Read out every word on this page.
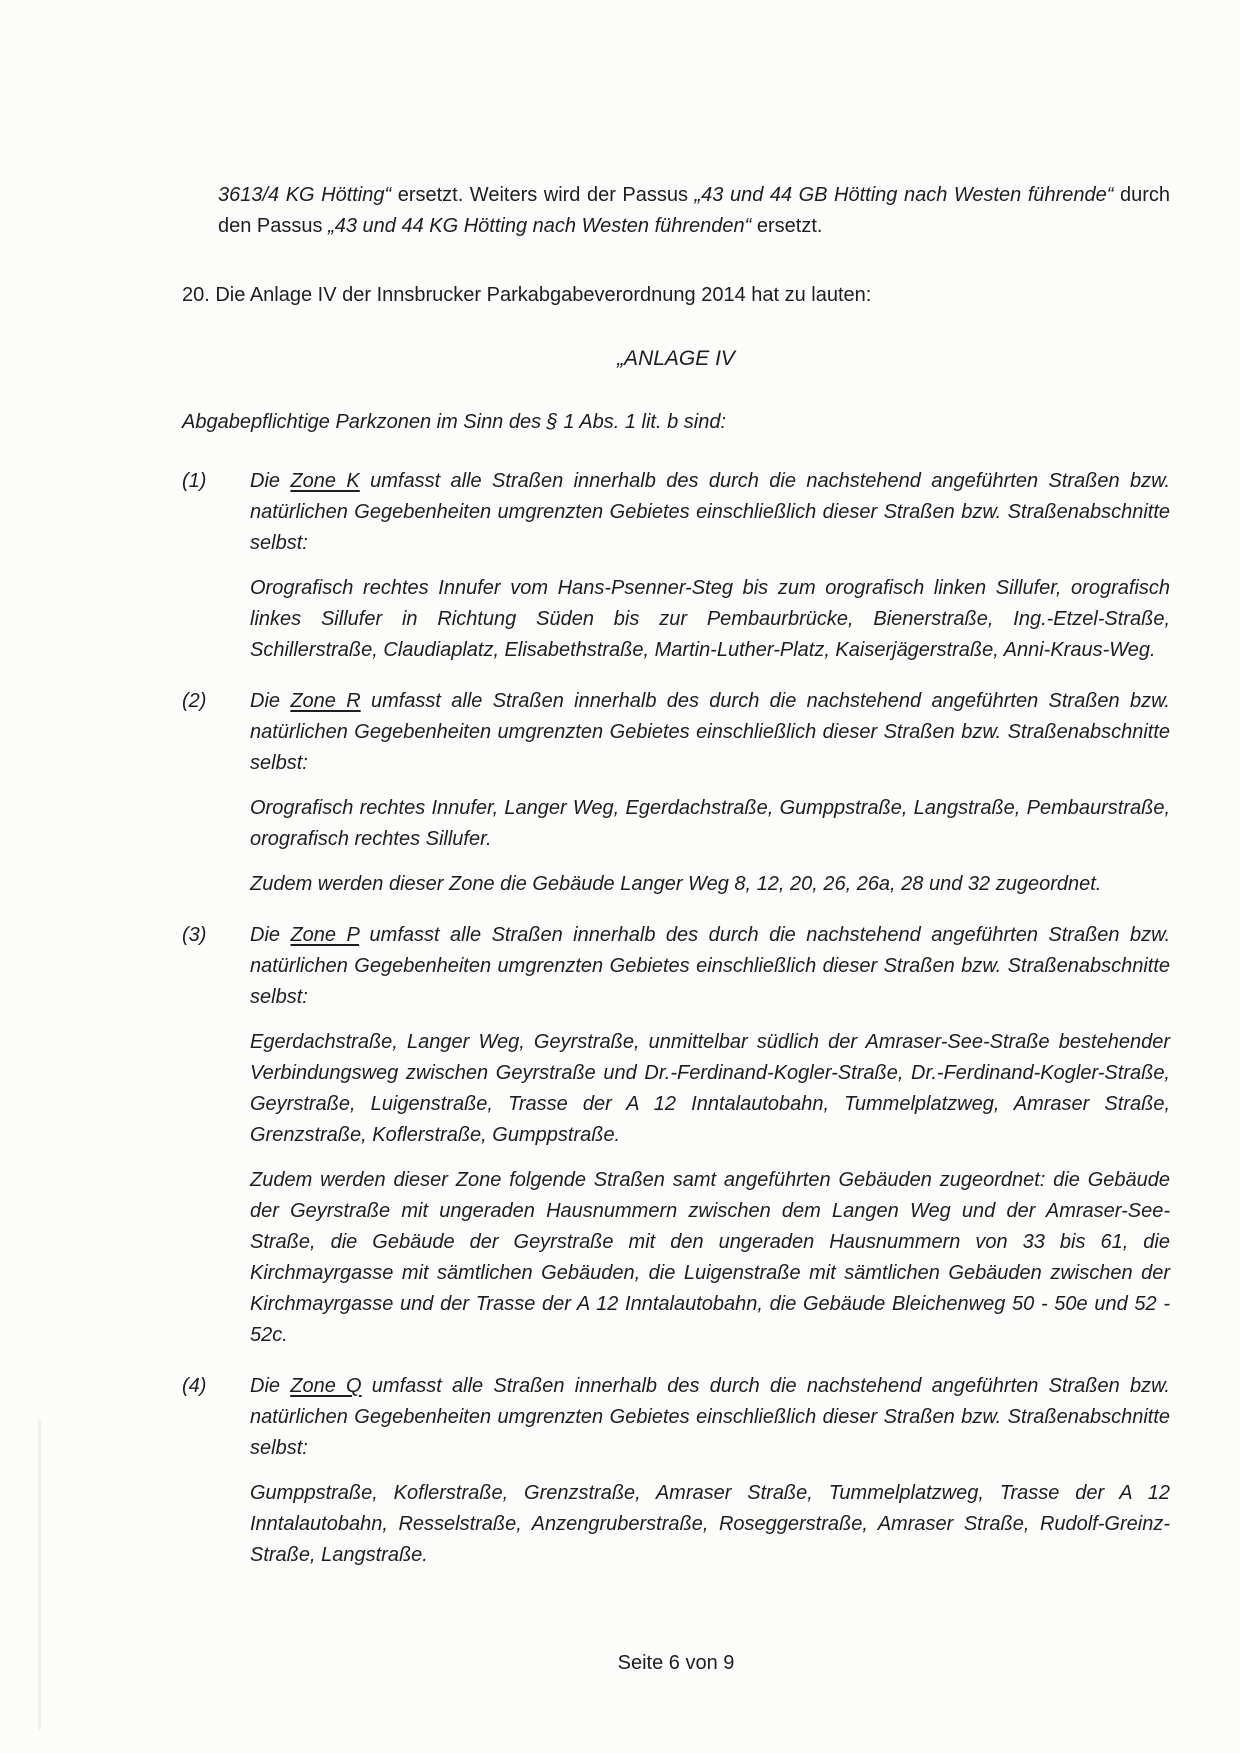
3613/4 KG Hötting“ ersetzt. Weiters wird der Passus „43 und 44 GB Hötting nach Westen führende“ durch den Passus „43 und 44 KG Hötting nach Westen führenden“ ersetzt.

20. Die Anlage IV der Innsbrucker Parkabgabeverordnung 2014 hat zu lauten:

„ANLAGE IV

Abgabepflichtige Parkzonen im Sinn des § 1 Abs. 1 lit. b sind:

(1)	Die Zone K umfasst alle Straßen innerhalb des durch die nachstehend angeführten Straßen bzw. natürlichen Gegebenheiten umgrenzten Gebietes einschließlich dieser Straßen bzw. Straßenabschnitte selbst:

Orografisch rechtes Innufer vom Hans-Psenner-Steg bis zum orografisch linken Sillufer, orografisch linkes Sillufer in Richtung Süden bis zur Pembaurbrücke, Bienerstraße, Ing.-Etzel-Straße, Schillerstraße, Claudiaplatz, Elisabethstraße, Martin-Luther-Platz, Kaiserjägerstraße, Anni-Kraus-Weg.

(2)	Die Zone R umfasst alle Straßen innerhalb des durch die nachstehend angeführten Straßen bzw. natürlichen Gegebenheiten umgrenzten Gebietes einschließlich dieser Straßen bzw. Straßenabschnitte selbst:

Orografisch rechtes Innufer, Langer Weg, Egerdachstraße, Gumppstraße, Langstraße, Pembaurstraße, orografisch rechtes Sillufer.

Zudem werden dieser Zone die Gebäude Langer Weg 8, 12, 20, 26, 26a, 28 und 32 zugeordnet.

(3)	Die Zone P umfasst alle Straßen innerhalb des durch die nachstehend angeführten Straßen bzw. natürlichen Gegebenheiten umgrenzten Gebietes einschließlich dieser Straßen bzw. Straßenabschnitte selbst:

Egerdachstraße, Langer Weg, Geyrstraße, unmittelbar südlich der Amraser-See-Straße bestehender Verbindungsweg zwischen Geyrstraße und Dr.-Ferdinand-Kogler-Straße, Dr.-Ferdinand-Kogler-Straße, Geyrstraße, Luigenstraße, Trasse der A 12 Inntalautobahn, Tummelplatzweg, Amraser Straße, Grenzstraße, Koflerstraße, Gumppstraße.

Zudem werden dieser Zone folgende Straßen samt angeführten Gebäuden zugeordnet: die Gebäude der Geyrstraße mit ungeraden Hausnummern zwischen dem Langen Weg und der Amraser-See-Straße, die Gebäude der Geyrstraße mit den ungeraden Hausnummern von 33 bis 61, die Kirchmayrgasse mit sämtlichen Gebäuden, die Luigenstraße mit sämtlichen Gebäuden zwischen der Kirchmayrgasse und der Trasse der A 12 Inntalautobahn, die Gebäude Bleichenweg 50 - 50e und 52 - 52c.

(4)	Die Zone Q umfasst alle Straßen innerhalb des durch die nachstehend angeführten Straßen bzw. natürlichen Gegebenheiten umgrenzten Gebietes einschließlich dieser Straßen bzw. Straßenabschnitte selbst:

Gumppstraße, Koflerstraße, Grenzstraße, Amraser Straße, Tummelplatzweg, Trasse der A 12 Inntalautobahn, Resselstraße, Anzengruberstraße, Roseggerstraße, Amraser Straße, Rudolf-Greinz-Straße, Langstraße.

Seite 6 von 9
